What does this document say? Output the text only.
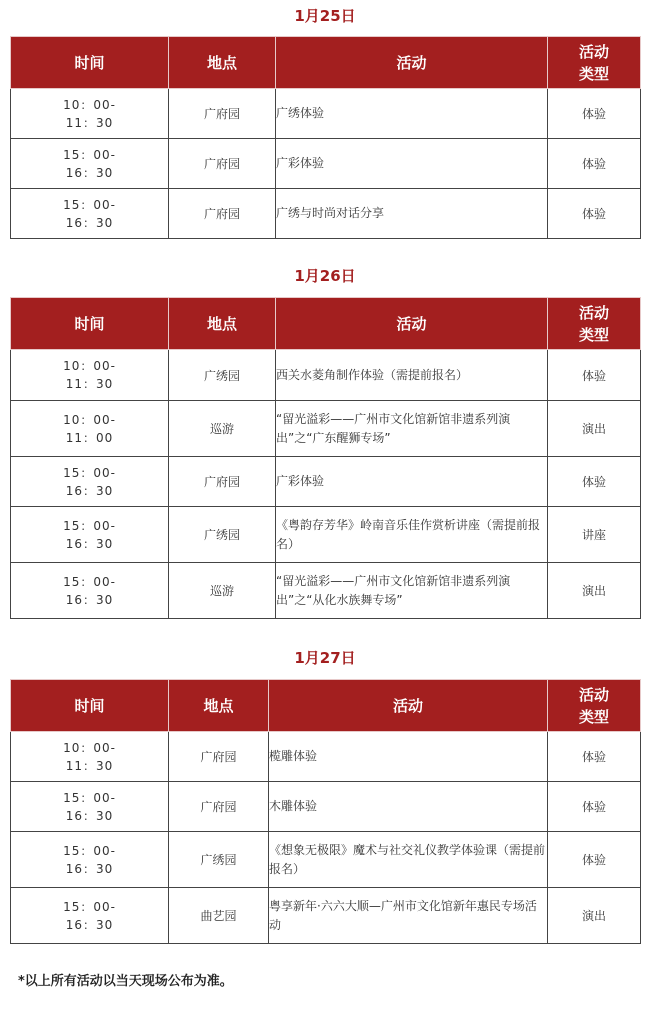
1月25日
时间	地点	活动	活动
类型
10：00-
11：30	广府园	广绣体验	体验
15：00-
16：30	广府园	广彩体验	体验
15：00-
16：30	广府园	广绣与时尚对话分享	体验
1月26日
时间	地点	活动	活动
类型
10：00-
11：30	广绣园	西关水菱角制作体验（需提前报名）	体验
10：00-
11：00	巡游	“留光溢彩——广州市文化馆新馆非遗系列演出”之“广东醒狮专场”	演出
15：00-
16：30	广府园	广彩体验	体验
15：00-
16：30	广绣园	《粤韵存芳华》岭南音乐佳作赏析讲座（需提前报名）	讲座
15：00-
16：30	巡游	“留光溢彩——广州市文化馆新馆非遗系列演出”之“从化水族舞专场”	演出
1月27日
时间	地点	活动	活动
类型
10：00-
11：30	广府园	榄雕体验	体验
15：00-
16：30	广府园	木雕体验	体验
15：00-
16：30	广绣园	《想象无极限》魔术与社交礼仪教学体验课（需提前报名）	体验
15：00-
16：30	曲艺园	粤享新年·六六大顺—广州市文化馆新年惠民专场活动	演出
*以上所有活动以当天现场公布为准。
